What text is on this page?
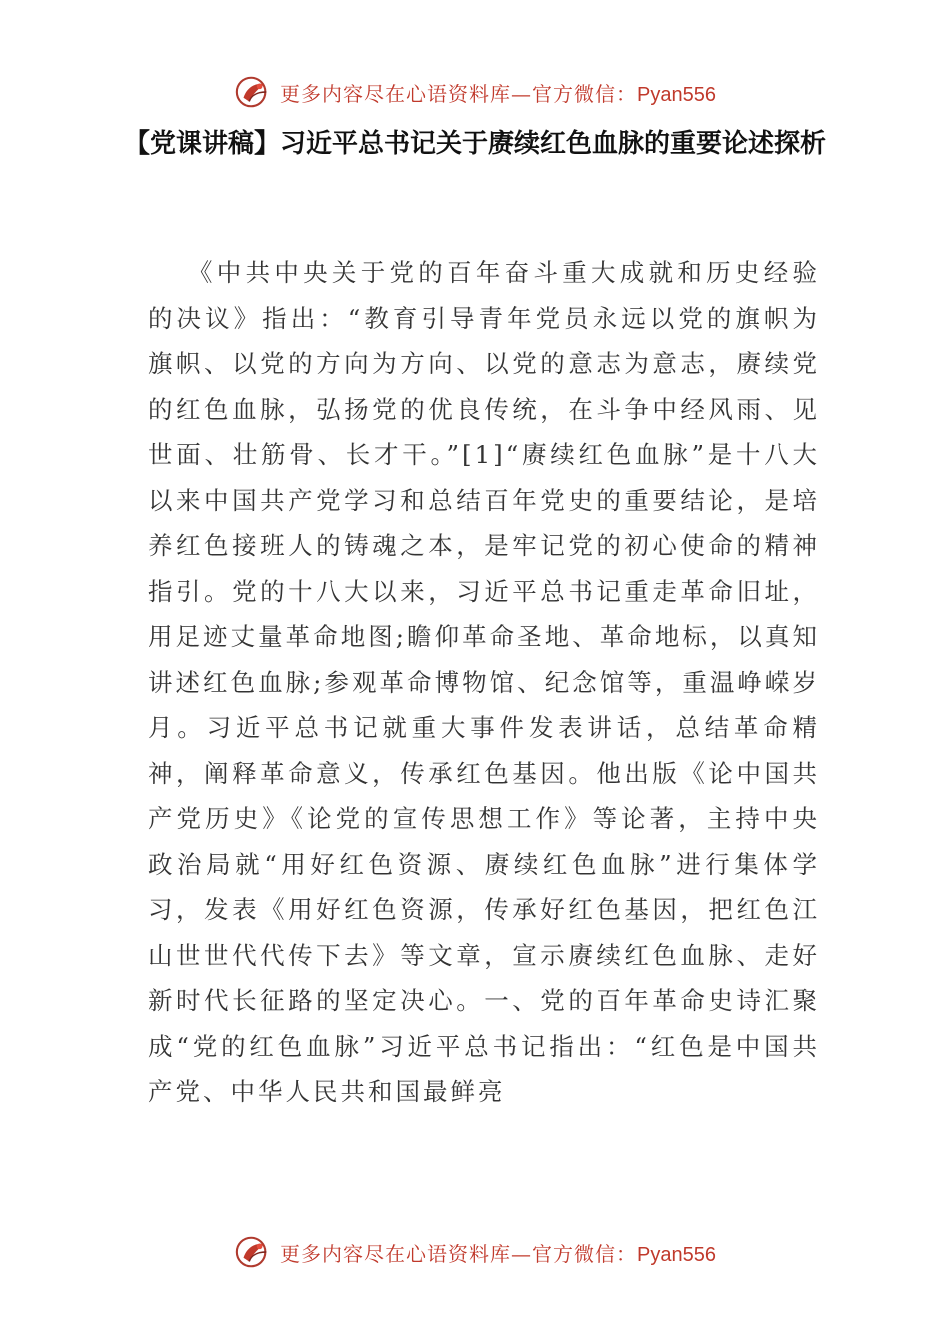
更多内容尽在心语资料库—官方微信：Pyan556
【党课讲稿】习近平总书记关于赓续红色血脉的重要论述探析

《中共中央关于党的百年奋斗重大成就和历史经验的决议》指出：“教育引导青年党员永远以党的旗帜为旗帜、以党的方向为方向、以党的意志为意志，赓续党的红色血脉，弘扬党的优良传统，在斗争中经风雨、见世面、壮筋骨、长才干。”[1]“赓续红色血脉”是十八大以来中国共产党学习和总结百年党史的重要结论，是培养红色接班人的铸魂之本，是牢记党的初心使命的精神指引。党的十八大以来，习近平总书记重走革命旧址，用足迹丈量革命地图;瞻仰革命圣地、革命地标，以真知讲述红色血脉;参观革命博物馆、纪念馆等，重温峥嵘岁月。习近平总书记就重大事件发表讲话，总结革命精神，阐释革命意义，传承红色基因。他出版《论中国共产党历史》《论党的宣传思想工作》等论著，主持中央政治局就“用好红色资源、赓续红色血脉”进行集体学习，发表《用好红色资源，传承好红色基因，把红色江山世世代代传下去》等文章，宣示赓续红色血脉、走好新时代长征路的坚定决心。一、党的百年革命史诗汇聚成“党的红色血脉”习近平总书记指出：“红色是中国共产党、中华人民共和国最鲜亮

更多内容尽在心语资料库—官方微信：Pyan556
